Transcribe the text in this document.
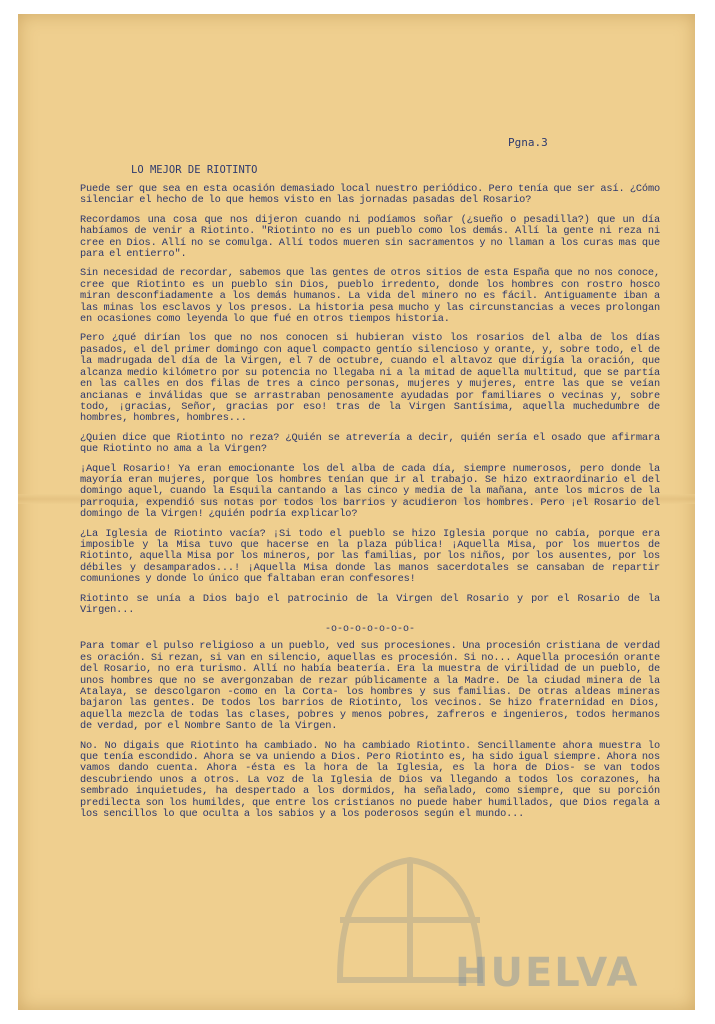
Pgna.3
LO MEJOR DE RIOTINTO

Puede ser que sea en esta ocasión demasiado local nuestro periódico. Pero tenía que ser así. ¿Cómo silenciar el hecho de lo que hemos visto en las jornadas pasadas del Rosario?

Recordamos una cosa que nos dijeron cuando ni podíamos soñar (¿sueño o pesadilla?) que un día habíamos de venir a Riotinto. "Riotinto no es un pueblo como los demás. Allí la gente ni reza ni cree en Dios. Allí no se comulga. Allí todos mueren sin sacramentos y no llaman a los curas mas que para el entierro".

Sin necesidad de recordar, sabemos que las gentes de otros sitios de esta España que no nos conoce, cree que Riotinto es un pueblo sin Dios, pueblo irredento, donde los hombres con rostro hosco miran desconfiadamente a los demás humanos. La vida del minero no es fácil. Antiguamente iban a las minas los esclavos y los presos. La historia pesa mucho y las circunstancias a veces prolongan en ocasiones como leyenda lo que fué en otros tiempos historia.

Pero ¿qué dirían los que no nos conocen si hubieran visto los rosarios del alba de los días pasados, el del primer domingo con aquel compacto gentío silencioso y orante, y, sobre todo, el de la madrugada del día de la Virgen, el 7 de octubre, cuando el altavoz que dirigía la oración, que alcanza medio kilómetro por su potencia no llegaba ni a la mitad de aquella multitud, que se partía en las calles en dos filas de tres a cinco personas, mujeres y mujeres, entre las que se veían ancianas e inválidas que se arrastraban penosamente ayudadas por familiares o vecinas y, sobre todo, ¡gracias, Señor, gracias por eso! tras de la Virgen Santísima, aquella muchedumbre de hombres, hombres, hombres...

¿Quien dice que Riotinto no reza? ¿Quién se atrevería a decir, quién sería el osado que afirmara que Riotinto no ama a la Virgen?

¡Aquel Rosario! Ya eran emocionante los del alba de cada día, siempre numerosos, pero donde la mayoría eran mujeres, porque los hombres tenían que ir al trabajo. Se hizo extraordinario el del domingo aquel, cuando la Esquila cantando a las cinco y media de la mañana, ante los micros de la parroquia, expendió sus notas por todos los barrios y acudieron los hombres. Pero ¡el Rosario del domingo de la Virgen! ¿quién podría explicarlo?

¿La Iglesia de Riotinto vacía? ¡Si todo el pueblo se hizo Iglesia porque no cabía, porque era imposible y la Misa tuvo que hacerse en la plaza pública! ¡Aquella Misa, por los muertos de Riotinto, aquella Misa por los mineros, por las familias, por los niños, por los ausentes, por los débiles y desamparados...! ¡Aquella Misa donde las manos sacerdotales se cansaban de repartir comuniones y donde lo único que faltaban eran confesores!

Riotinto se unía a Dios bajo el patrocinio de la Virgen del Rosario y por el Rosario de la Virgen...

-o-o-o-o-o-o-o-

Para tomar el pulso religioso a un pueblo, ved sus procesiones. Una procesión cristiana de verdad es oración. Si rezan, si van en silencio, aquellas es procesión. Si no... Aquella procesión orante del Rosario, no era turismo. Allí no había beatería. Era la muestra de virilidad de un pueblo, de unos hombres que no se avergonzaban de rezar públicamente a la Madre. De la ciudad minera de la Atalaya, se descolgaron -como en la Corta- los hombres y sus familias. De otras aldeas mineras bajaron las gentes. De todos los barrios de Riotinto, los vecinos. Se hizo fraternidad en Dios, aquella mezcla de todas las clases, pobres y menos pobres, zafreros e ingenieros, todos hermanos de verdad, por el Nombre Santo de la Virgen.

No. No digais que Riotinto ha cambiado. No ha cambiado Riotinto. Sencillamente ahora muestra lo que tenía escondido. Ahora se va uniendo a Dios. Pero Riotinto es, ha sido igual siempre. Ahora nos vamos dando cuenta. Ahora -ésta es la hora de la Iglesia, es la hora de Dios- se van todos descubriendo unos a otros. La voz de la Iglesia de Dios va llegando a todos los corazones, ha sembrado inquietudes, ha despertado a los dormidos, ha señalado, como siempre, que su porción predilecta son los humildes, que entre los cristianos no puede haber humillados, que Dios regala a los sencillos lo que oculta a los sabios y a los poderosos según el mundo...

HUELVA
